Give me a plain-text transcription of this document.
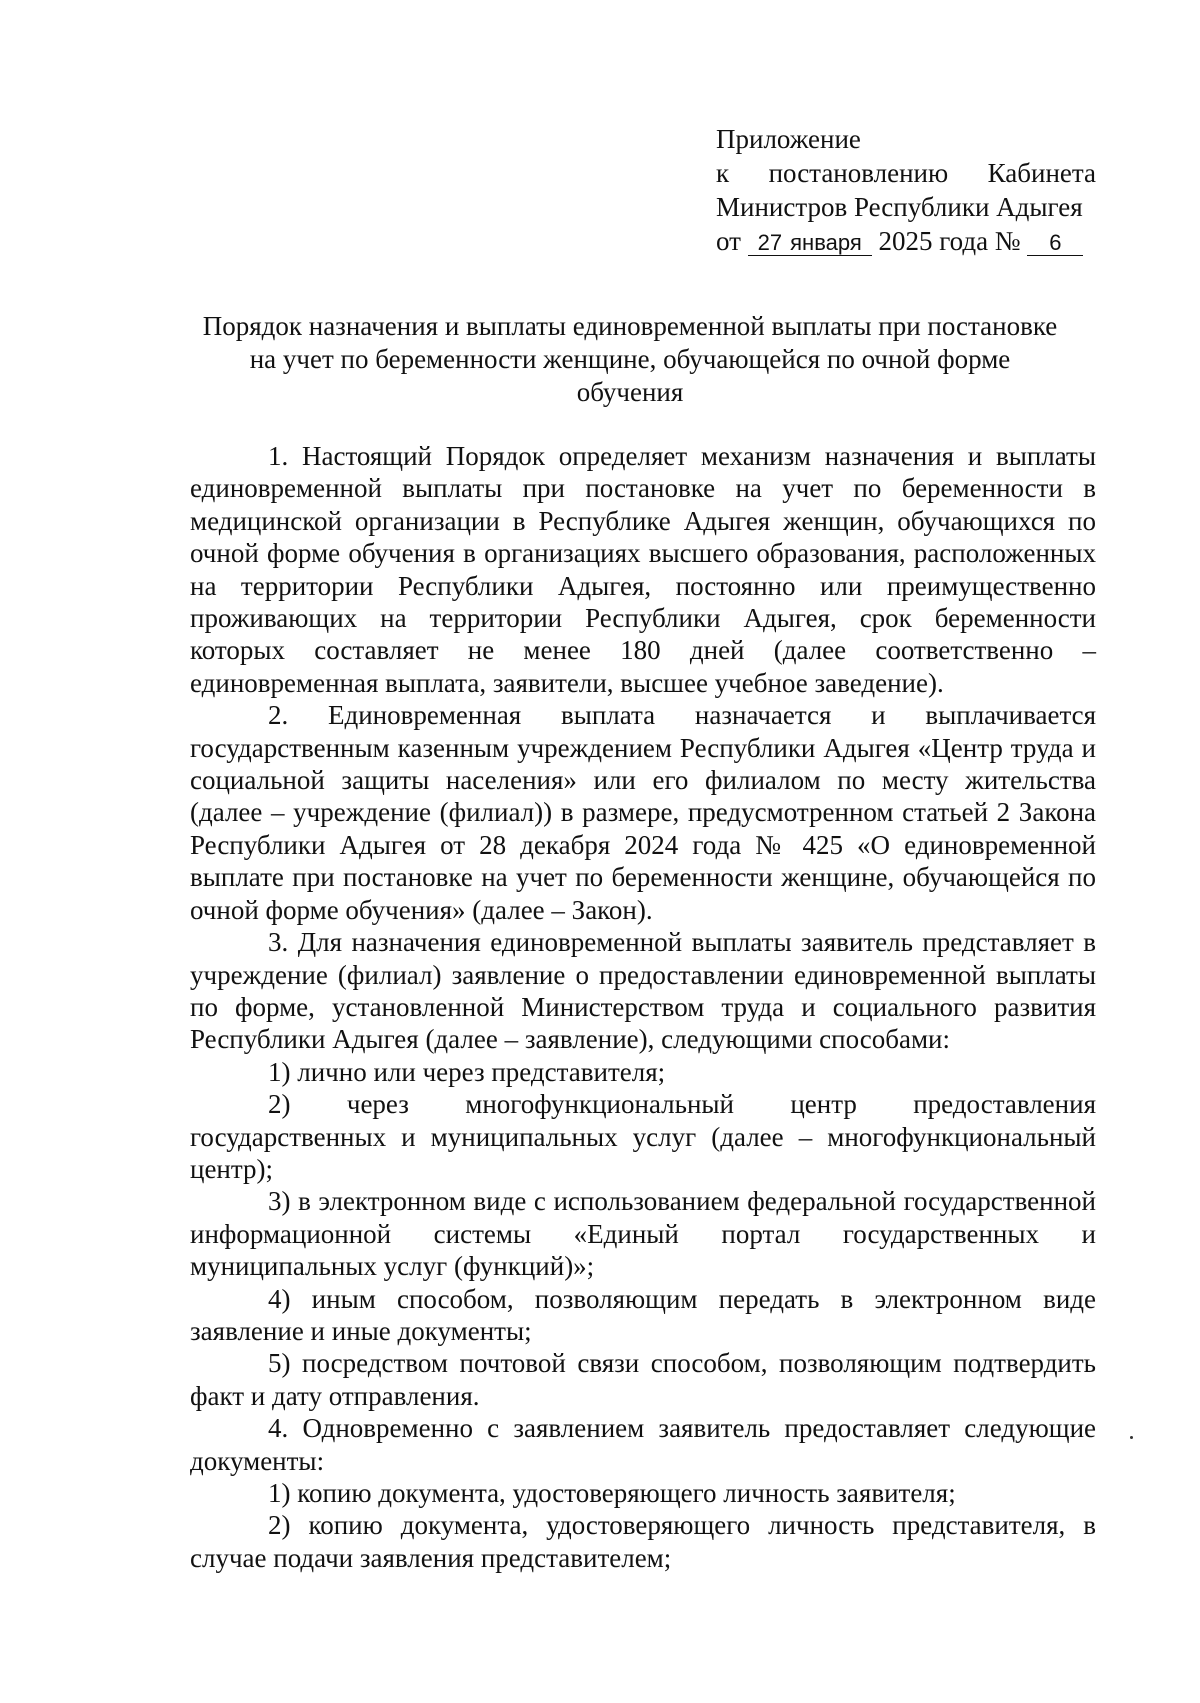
Приложение
к постановлению Кабинета
Министров Республики Адыгея
от 27 января 2025 года № 6
Порядок назначения и выплаты единовременной выплаты при постановке
на учет по беременности женщине, обучающейся по очной форме
обучения

1. Настоящий Порядок определяет механизм назначения и выплаты единовременной выплаты при постановке на учет по беременности в медицинской организации в Республике Адыгея женщин, обучающихся по очной форме обучения в организациях высшего образования, расположенных на территории Республики Адыгея, постоянно или преимущественно проживающих на территории Республики Адыгея, срок беременности которых составляет не менее 180 дней (далее соответственно – единовременная выплата, заявители, высшее учебное заведение).

2. Единовременная выплата назначается и выплачивается государственным казенным учреждением Республики Адыгея «Центр труда и социальной защиты населения» или его филиалом по месту жительства (далее – учреждение (филиал)) в размере, предусмотренном статьей 2 Закона Республики Адыгея от 28 декабря 2024 года № 425 «О единовременной выплате при постановке на учет по беременности женщине, обучающейся по очной форме обучения» (далее – Закон).

3. Для назначения единовременной выплаты заявитель представляет в учреждение (филиал) заявление о предоставлении единовременной выплаты по форме, установленной Министерством труда и социального развития Республики Адыгея (далее – заявление), следующими способами:

1) лично или через представителя;

2) через многофункциональный центр предоставления государственных и муниципальных услуг (далее – многофункциональный центр);

3) в электронном виде с использованием федеральной государственной информационной системы «Единый портал государственных и муниципальных услуг (функций)»;

4) иным способом, позволяющим передать в электронном виде заявление и иные документы;

5) посредством почтовой связи способом, позволяющим подтвердить факт и дату отправления.

4. Одновременно с заявлением заявитель предоставляет следующие документы:

1) копию документа, удостоверяющего личность заявителя;

2) копию документа, удостоверяющего личность представителя, в случае подачи заявления представителем;
